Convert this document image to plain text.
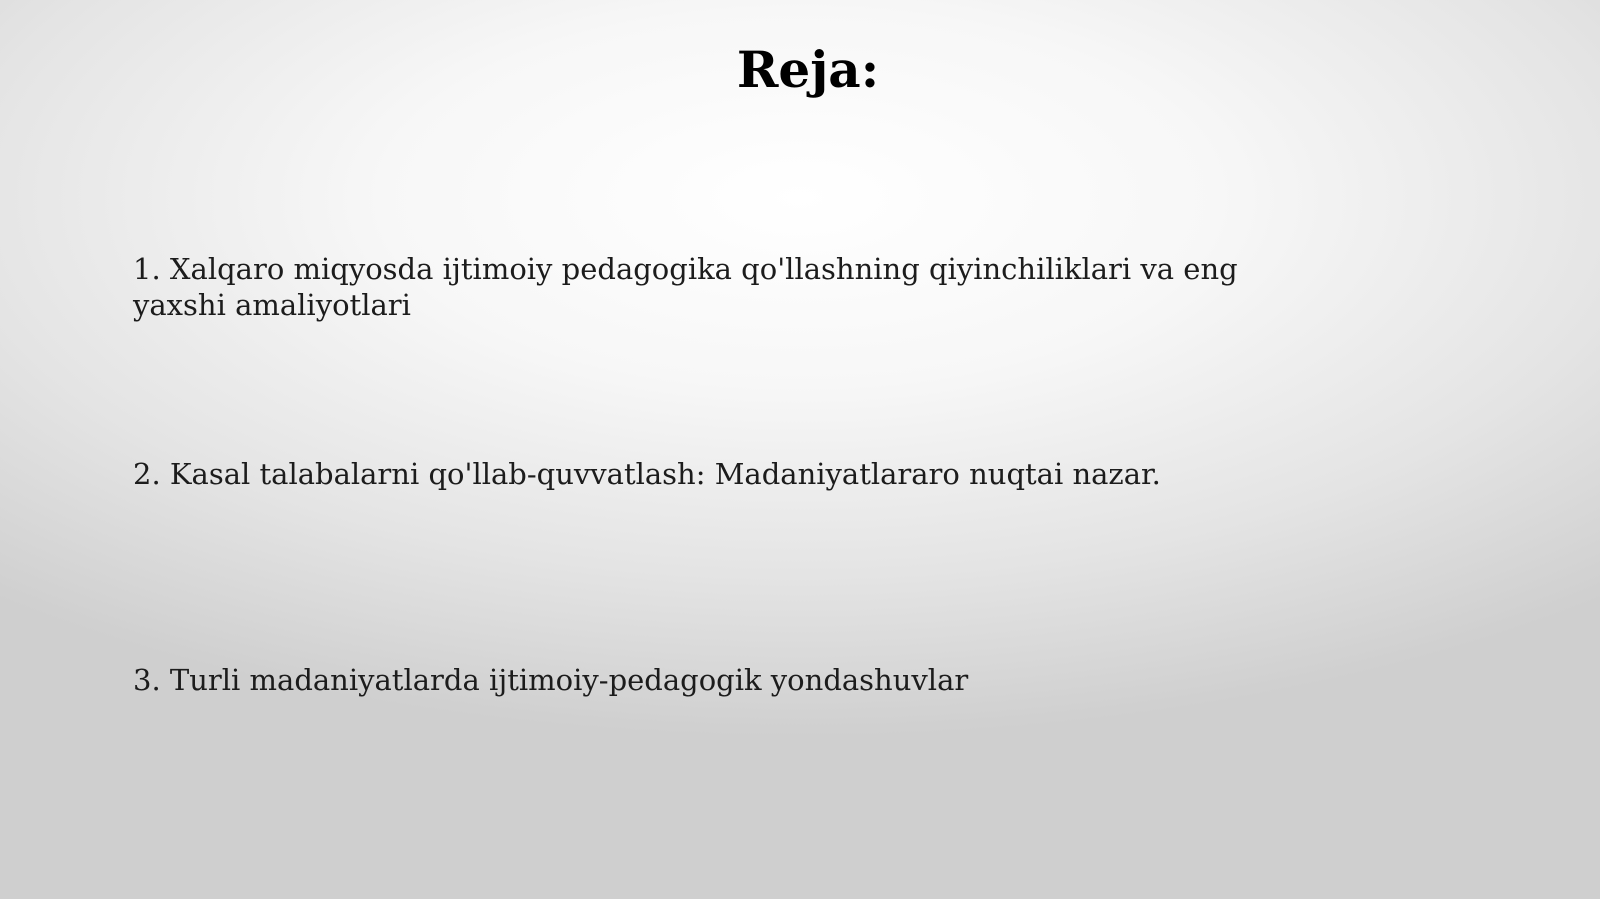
Reja:
1. Xalqaro miqyosda ijtimoiy pedagogika qo'llashning qiyinchiliklari va eng yaxshi amaliyotlari
2. Kasal talabalarni qo'llab-quvvatlash: Madaniyatlararo nuqtai nazar.
3. Turli madaniyatlarda ijtimoiy-pedagogik yondashuvlar
